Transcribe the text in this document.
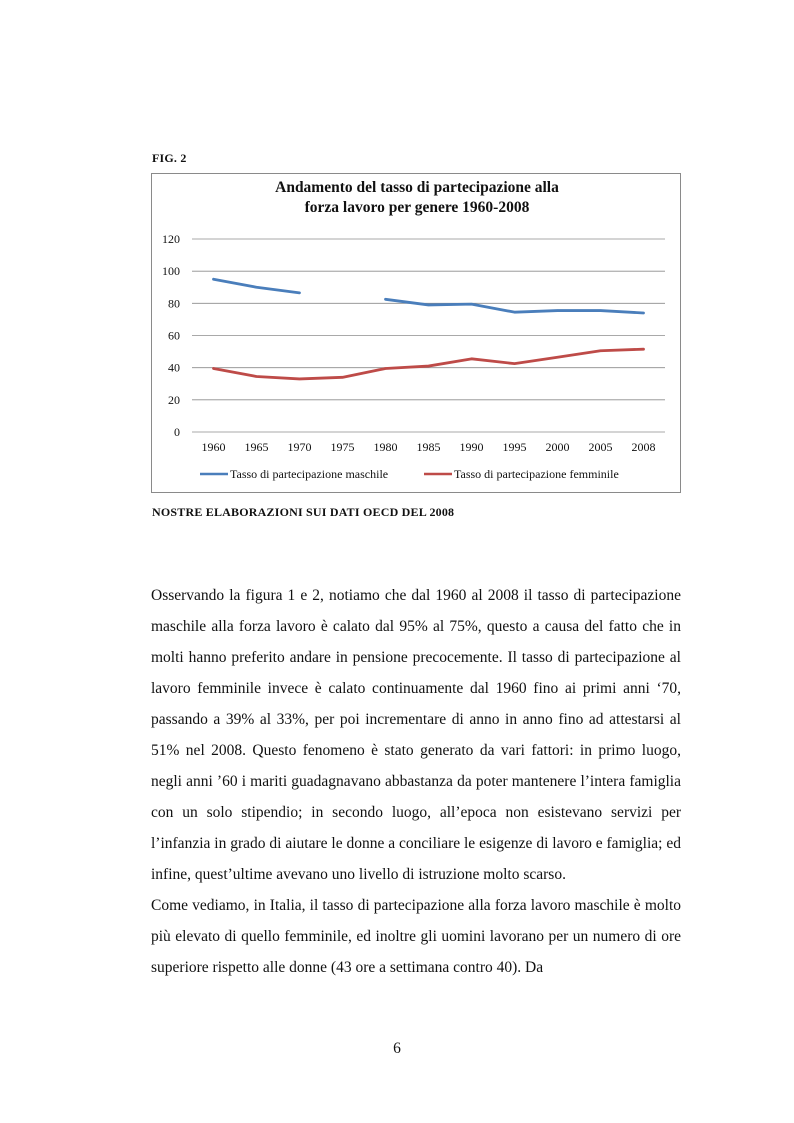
FIG. 2
Andamento del tasso di partecipazione alla
forza lavoro per genere 1960-2008
0
20
40
60
80
100
120
1960 1965 1970 1975 1980 1985 1990 1995 2000 2005 2008
Tasso di partecipazione maschile	Tasso di partecipazione femminile
NOSTRE ELABORAZIONI SUI DATI OECD DEL 2008

Osservando la figura 1 e 2, notiamo che dal 1960 al 2008 il tasso di partecipazione maschile alla forza lavoro è calato dal 95% al 75%, questo a causa del fatto che in molti hanno preferito andare in pensione precocemente. Il tasso di partecipazione al lavoro femminile invece è calato continuamente dal 1960 fino ai primi anni ‘70, passando a 39% al 33%, per poi incrementare di anno in anno fino ad attestarsi al 51% nel 2008. Questo fenomeno è stato generato da vari fattori: in primo luogo, negli anni ’60 i mariti guadagnavano abbastanza da poter mantenere l’intera famiglia con un solo stipendio; in secondo luogo, all’epoca non esistevano servizi per l’infanzia in grado di aiutare le donne a conciliare le esigenze di lavoro e famiglia; ed infine, quest’ultime avevano uno livello di istruzione molto scarso.

Come vediamo, in Italia, il tasso di partecipazione alla forza lavoro maschile è molto più elevato di quello femminile, ed inoltre gli uomini lavorano per un numero di ore superiore rispetto alle donne (43 ore a settimana contro 40). Da

6
